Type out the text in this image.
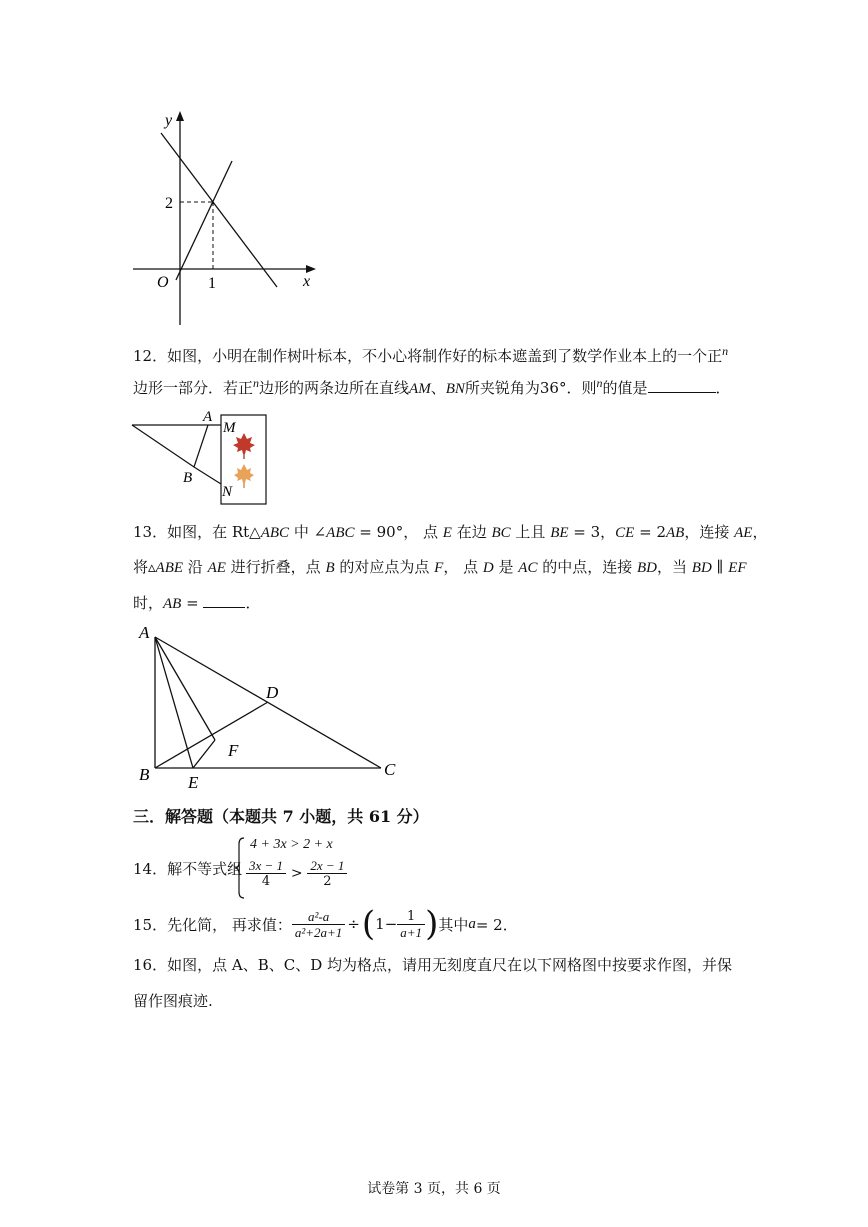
y
x
O 1
2
12．如图，小明在制作树叶标本，不小心将制作好的标本遮盖到了数学作业本上的一个正$^n$
边形一部分．若正$^n$边形的两条边所在直线AM、BN所夹锐角为36°．则$^n$的值是	．
A
M
B
N
13．如图，在 Rt△ABC 中 ∠ABC = 90°， 点 E 在边 BC 上且 BE = 3，CE = 2AB，连接 AE，
将▵ABE 沿 AE 进行折叠，点 B 的对应点为点 F， 点 D 是 AC 的中点，连接 BD，当 BD ∥ EF
时，AB =	．
A
B	C
D
E
F
三．解答题（本题共 7 小题，共 61 分）
14．解不等式组
4 + 3x > 2 + x
$\frac{3x - 1}{4} > \frac{2x - 1}{2}$
15．先化简， 再求值： $\frac{\text{a²-a}}{\text{a²+2a+1}}$ ÷ ( $1- \frac{1}{a+1}$ ) 其中 a = 2．
16．如图，点 A、B、C、D 均为格点，请用无刻度直尺在以下网格图中按要求作图，并保
留作图痕迹.
试卷第 3 页，共 6 页
